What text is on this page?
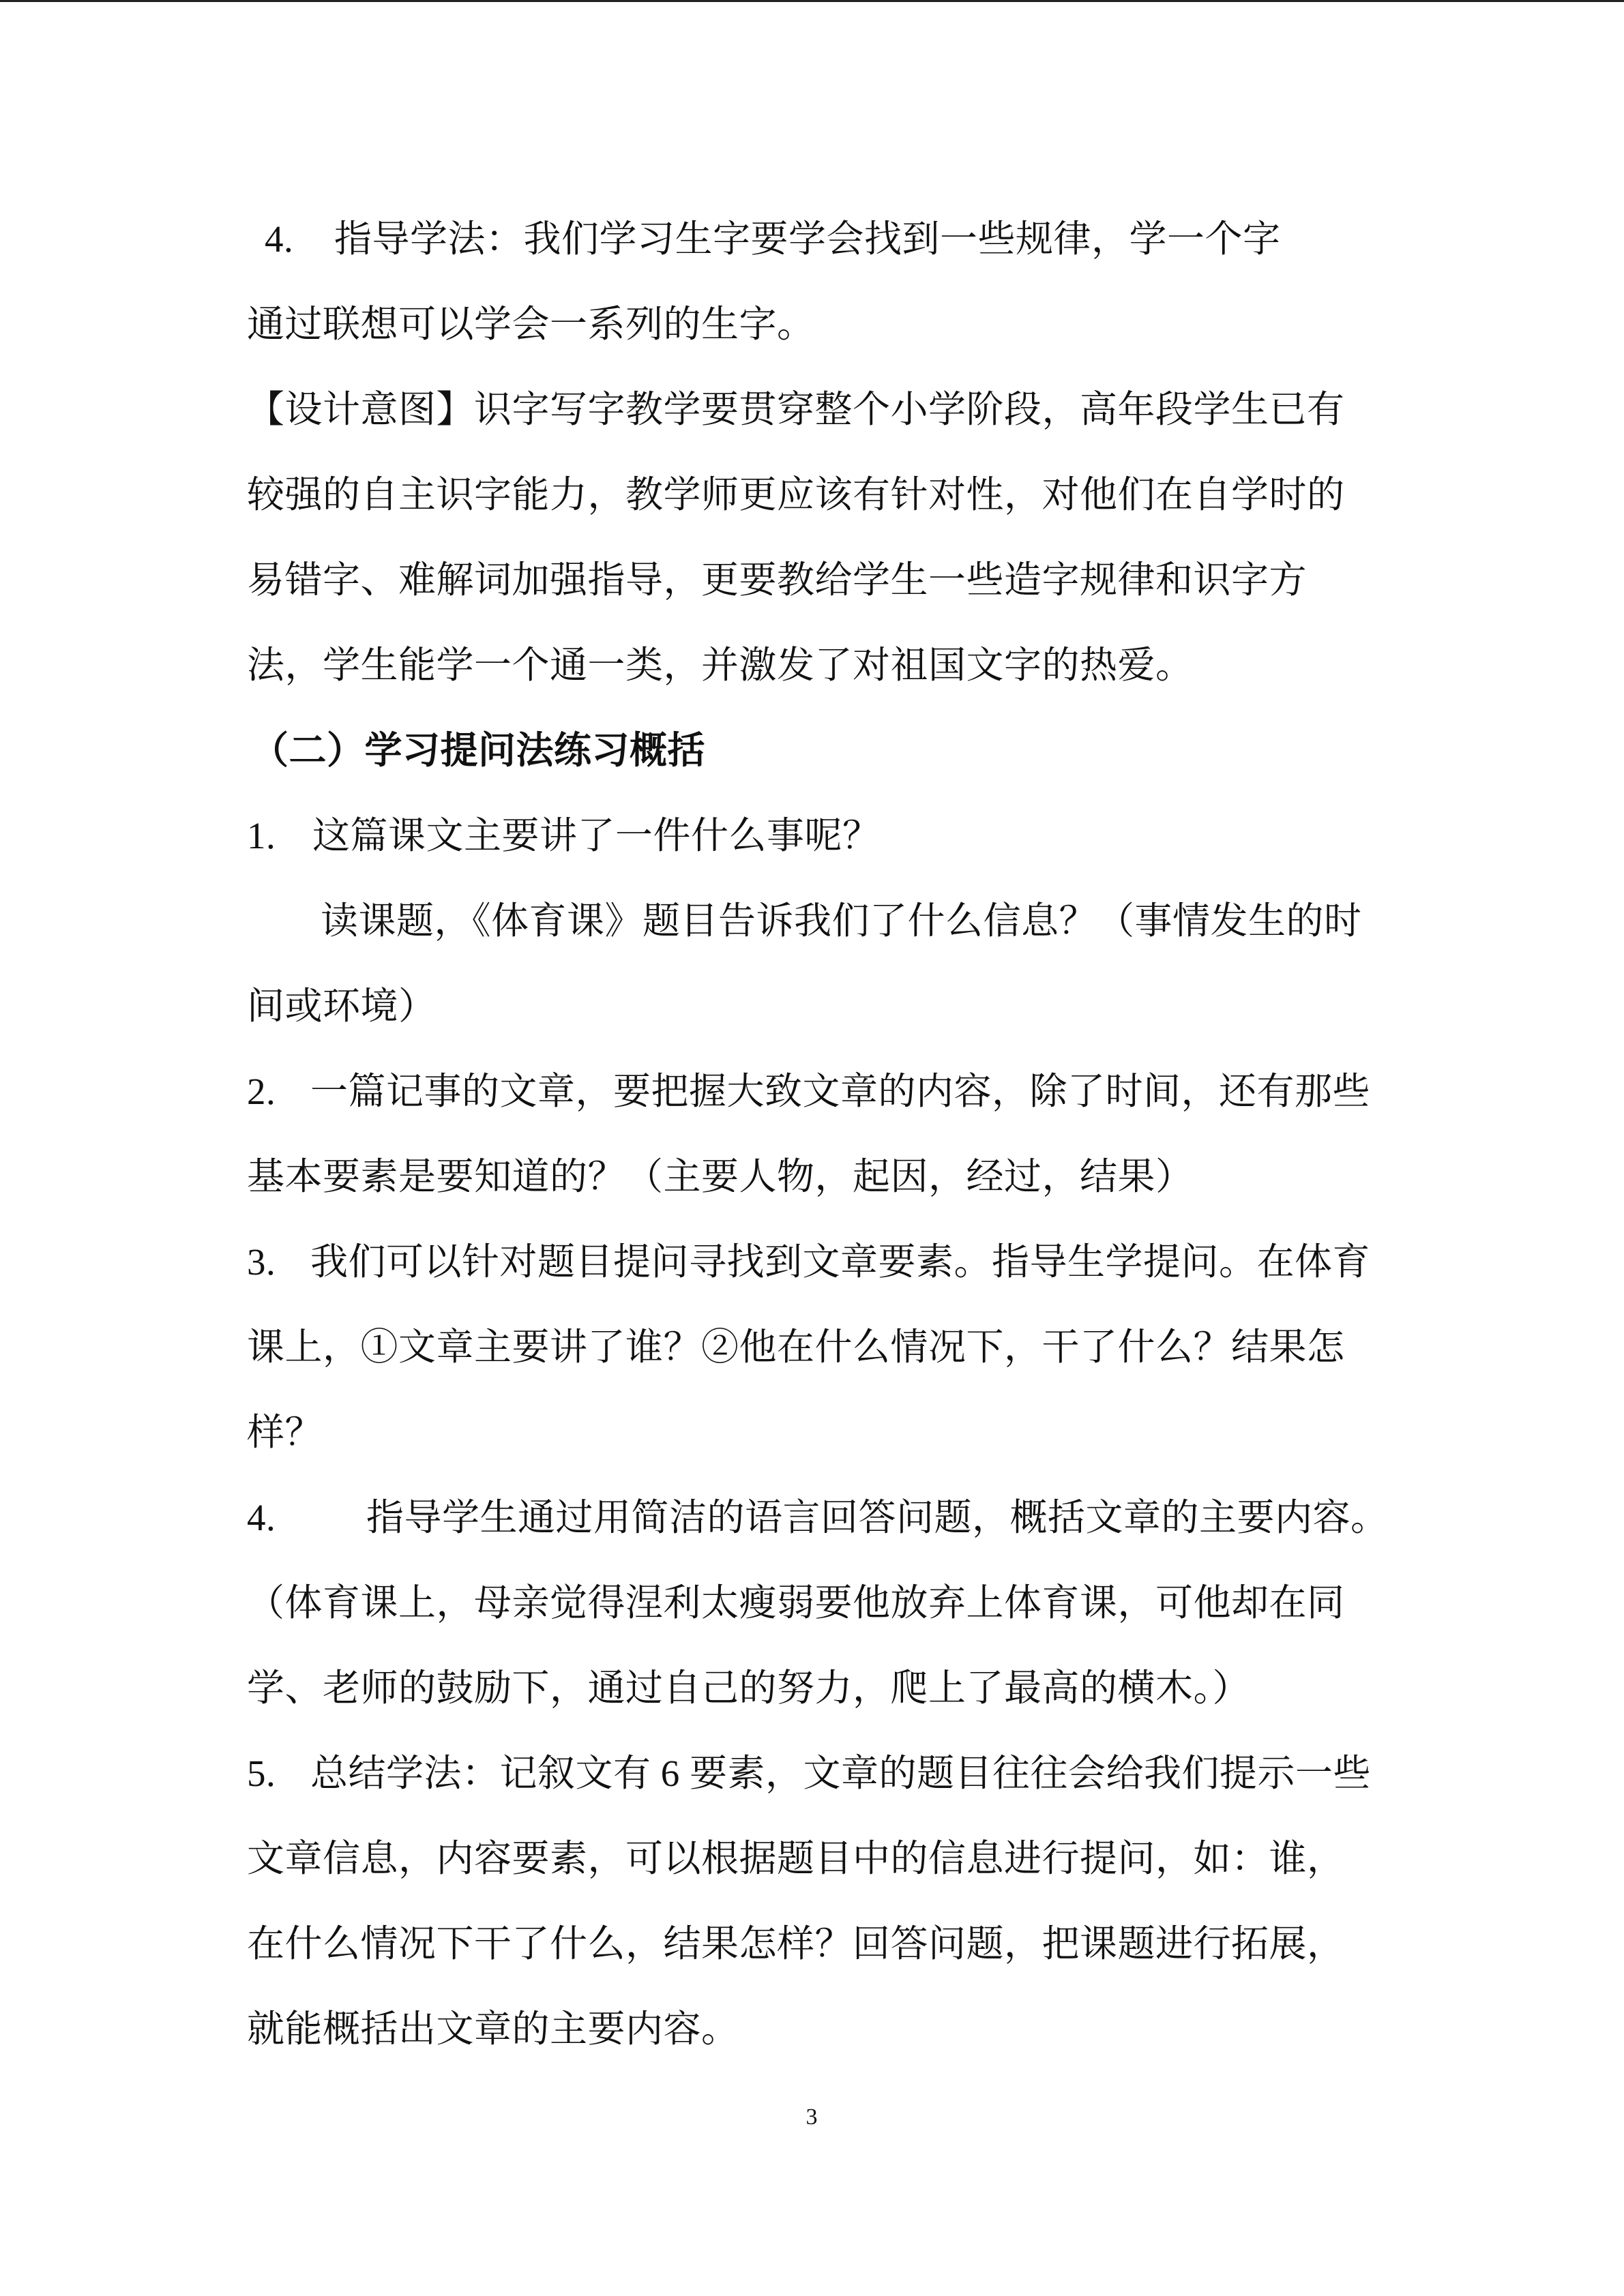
4. 指导学法：我们学习生字要学会找到一些规律，学一个字
通过联想可以学会一系列的生字。
【设计意图】识字写字教学要贯穿整个小学阶段，高年段学生已有
较强的自主识字能力，教学师更应该有针对性，对他们在自学时的
易错字、难解词加强指导，更要教给学生一些造字规律和识字方
法，学生能学一个通一类，并激发了对祖国文字的热爱。
（二）学习提问法练习概括
1. 这篇课文主要讲了一件什么事呢？
读课题，《体育课》题目告诉我们了什么信息？（事情发生的时
间或环境）
2. 一篇记事的文章，要把握大致文章的内容，除了时间，还有那些
基本要素是要知道的？（主要人物，起因，经过，结果）
3. 我们可以针对题目提问寻找到文章要素。指导生学提问。在体育
课上，①文章主要讲了谁？②他在什么情况下，干了什么？结果怎
样？
4. 指导学生通过用简洁的语言回答问题，概括文章的主要内容。
（体育课上，母亲觉得涅利太瘦弱要他放弃上体育课，可他却在同
学、老师的鼓励下，通过自己的努力，爬上了最高的横木。）
5. 总结学法：记叙文有 6 要素，文章的题目往往会给我们提示一些
文章信息，内容要素，可以根据题目中的信息进行提问，如：谁，
在什么情况下干了什么，结果怎样？回答问题，把课题进行拓展，
就能概括出文章的主要内容。
3
